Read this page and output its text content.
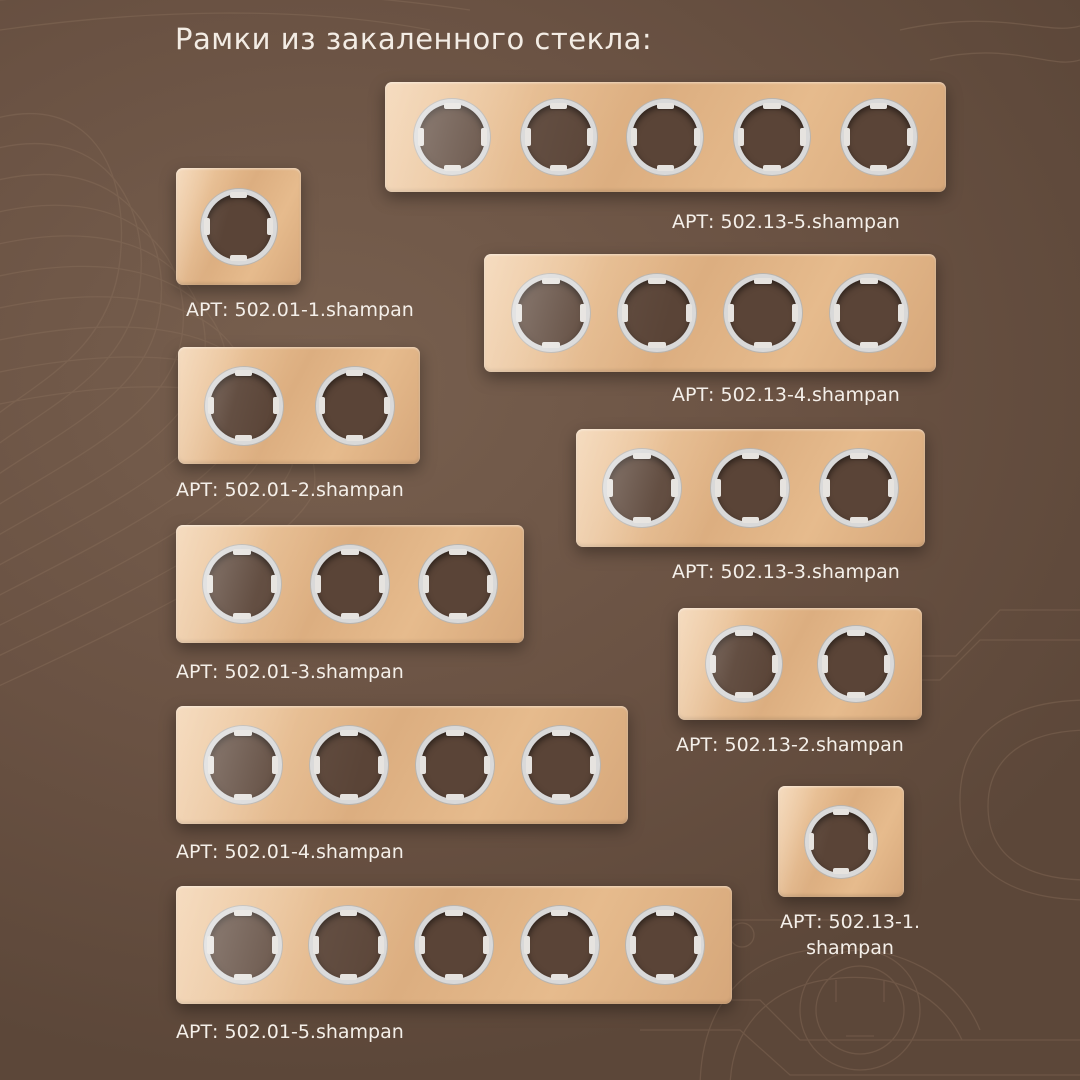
Рамки из закаленного стекла:
АРТ: 502.13-5.shampan
АРТ: 502.01-1.shampan
АРТ: 502.13-4.shampan
АРТ: 502.01-2.shampan
АРТ: 502.13-3.shampan
АРТ: 502.01-3.shampan
АРТ: 502.13-2.shampan
АРТ: 502.01-4.shampan
АРТ: 502.13-1.
shampan
АРТ: 502.01-5.shampan
